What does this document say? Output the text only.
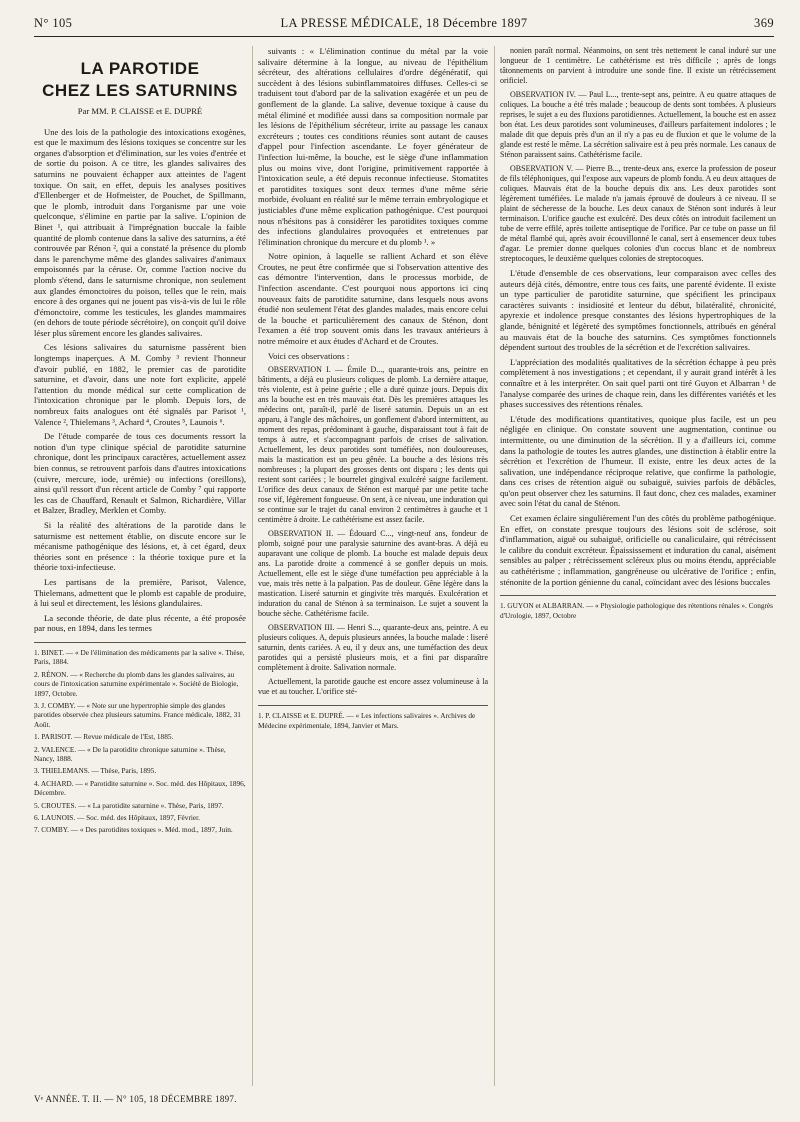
N° 105	LA PRESSE MÉDICALE, 18 Décembre 1897	369
LA PAROTIDE
CHEZ LES SATURNINS
Par MM. P. CLAISSE et E. DUPRÉ

Une des lois de la pathologie des intoxications exogènes, est que le maximum des lésions toxiques se concentre sur les organes d'absorption et d'élimination, sur les voies d'entrée et de sortie du poison. A ce titre, les glandes salivaires des saturnins ne pouvaient échapper aux atteintes de l'agent toxique. On sait, en effet, depuis les analyses positives d'Ellenberger et de Hofmeister, de Pouchet, de Spillmann, que le plomb, introduit dans l'organisme par une voie quelconque, s'élimine en partie par la salive. L'opinion de Binet ¹, qui attribuait à l'imprégnation buccale la faible quantité de plomb contenue dans la salive des saturnins, a été controuvée par Rénon ², qui a constaté la présence du plomb dans le parenchyme même des glandes salivaires d'animaux empoisonnés par la céruse. Or, comme l'action nocive du plomb s'étend, dans le saturnisme chronique, non seulement aux glandes émonctoires du poison, telles que le rein, mais encore à des organes qui ne jouent pas vis-à-vis de lui le rôle d'émonctoire, comme les testicules, les glandes mammaires (en dehors de toute période sécrétoire), on conçoit qu'il doive léser plus sûrement encore les glandes salivaires.

Ces lésions salivaires du saturnisme passèrent bien longtemps inaperçues. A M. Comby ³ revient l'honneur d'avoir publié, en 1882, le premier cas de parotidite saturnine, et d'avoir, dans une note fort explicite, appelé l'attention du monde médical sur cette complication de l'intoxication chronique par le plomb. Depuis lors, de nombreux faits analogues ont été signalés par Parisot ¹, Valence ², Thielemans ³, Achard ⁴, Croutes ⁵, Launois ⁶.

De l'étude comparée de tous ces documents ressort la notion d'un type clinique spécial de parotidite saturnine chronique, dont les principaux caractères, actuellement assez bien connus, se retrouvent parfois dans d'autres intoxications (cuivre, mercure, iode, urémie) ou infections (oreillons), ainsi qu'il ressort d'un récent article de Comby ⁷ qui rapporte les cas de Chauffard, Renault et Salmon, Richardière, Villar et Balzer, Bradley, Merklen et Comby.

Si la réalité des altérations de la parotide dans le saturnisme est nettement établie, on discute encore sur le mécanisme pathogénique des lésions, et, à cet égard, deux théories sont en présence : la théorie toxique pure et la théorie toxi-infectieuse.

Les partisans de la première, Parisot, Valence, Thielemans, admettent que le plomb est capable de produire, à lui seul et directement, les lésions glandulaires.

La seconde théorie, de date plus récente, a été proposée par nous, en 1894, dans les termes

1. BINET. — « De l'élimination des médicaments par la salive ». Thèse, Paris, 1884.
2. RÉNON. — « Recherche du plomb dans les glandes salivaires, au cours de l'intoxication saturnine expérimentale ». Société de Biologie, 1897, Octobre.
3. J. COMBY. — « Note sur une hypertrophie simple des glandes parotides observée chez plusieurs saturnins. France médicale, 1882, 31 Août.
1. PARISOT. — Revue médicale de l'Est, 1885.
2. VALENCE. — « De la parotidite chronique saturnine ». Thèse, Nancy, 1888.
3. THIELEMANS. — Thèse, Paris, 1895.
4. ACHARD. — « Parotidite saturnine ». Soc. méd. des Hôpitaux, 1896, Décembre.
5. CROUTES. — « La parotidite saturnine ». Thèse, Paris, 1897.
6. LAUNOIS. — Soc. méd. des Hôpitaux, 1897, Février.
7. COMBY. — « Des parotidites toxiques ». Méd. mod., 1897, Juin.

suivants : « L'élimination continue du métal par la voie salivaire détermine à la longue, au niveau de l'épithélium sécréteur, des altérations cellulaires d'ordre dégénératif, qui succèdent à des lésions subinflammatoires diffuses. Celles-ci se traduisent tout d'abord par de la salivation exagérée et un peu de gonflement de la glande. La salive, devenue toxique à cause du métal éliminé et modifiée aussi dans sa composition normale par les lésions de l'épithélium sécréteur, irrite au passage les canaux excréteurs ; toutes ces conditions réunies sont autant de causes d'appel pour l'infection ascendante. Le foyer générateur de l'infection lui-même, la bouche, est le siège d'une inflammation plus ou moins vive, dont l'origine, primitivement rapportée à l'intoxication seule, a été depuis reconnue infectieuse. Stomatites et parotidites toxiques sont deux termes d'une même série morbide, évoluant en réalité sur le même terrain embryologique et justiciables d'une même explication pathogénique. C'est pourquoi nous n'hésitons pas à considérer les parotidites toxiques comme des infections glandulaires provoquées et entretenues par l'élimination chronique du mercure et du plomb ¹. »

Notre opinion, à laquelle se rallient Achard et son élève Croutes, ne peut être confirmée que si l'observation attentive des cas démontre l'intervention, dans le processus morbide, de l'infection ascendante. C'est pourquoi nous apportons ici cinq nouveaux faits de parotidite saturnine, dans lesquels nous avons étudié non seulement l'état des glandes malades, mais encore celui de la bouche et particulièrement des canaux de Sténon, dont l'examen a été trop souvent omis dans les travaux antérieurs à notre mémoire et aux études d'Achard et de Croutes.

Voici ces observations :

OBSERVATION I. — Émile D..., quarante-trois ans, peintre en bâtiments, a déjà eu plusieurs coliques de plomb. La dernière attaque, très violente, est à peine guérie ; elle a duré quinze jours. Depuis dix ans la bouche est en très mauvais état. Dès les premières attaques les médecins ont, paraît-il, parlé de liseré saturnin. Depuis un an est apparu, à l'angle des mâchoires, un gonflement d'abord intermittent, au moment des repas, prédominant à gauche, disparaissant tout à fait de temps à autre, et s'accompagnant parfois de crises de salivation. Actuellement, les deux parotides sont tuméfiées, non douloureuses, mais la mastication est un peu gênée. La bouche a des lésions très nombreuses ; la plupart des grosses dents ont disparu ; les dents qui restent sont cariées ; le bourrelet gingival exulcéré saigne facilement. L'orifice des deux canaux de Sténon est marqué par une petite tache rose vif, légèrement fongueuse. On sent, à ce niveau, une induration qui se continue sur le trajet du canal environ 2 centimètres à gauche et 1 centimètre à droite. Le cathétérisme est assez facile.

OBSERVATION II. — Édouard C..., vingt-neuf ans, fondeur de plomb, soigné pour une paralysie saturnine des avant-bras. A déjà eu auparavant une colique de plomb. La bouche est malade depuis deux ans. La parotide droite a commencé à se gonfler depuis un mois. Actuellement, elle est le siège d'une tuméfaction peu appréciable à la vue, mais très nette à la palpation. Pas de douleur. Gêne légère dans la mastication. Liseré saturnin et gingivite très marqués. Exulcération et induration du canal de Sténon à sa terminaison. Le sujet a souvent la bouche sèche. Cathétérisme facile.

OBSERVATION III. — Henri S..., quarante-deux ans, peintre. A eu plusieurs coliques. A, depuis plusieurs années, la bouche malade : liseré saturnin, dents cariées. A eu, il y deux ans, une tuméfaction des deux parotides qui a persisté plusieurs mois, et a fini par disparaître complètement à droite. Salivation normale.

Actuellement, la parotide gauche est encore assez volumineuse à la vue et au toucher. L'orifice sté-

1. P. CLAISSE et E. DUPRÉ. — « Les infections salivaires ». Archives de Médecine expérimentale, 1894, Janvier et Mars.

nonien paraît normal. Néanmoins, on sent très nettement le canal induré sur une longueur de 1 centimètre. Le cathétérisme est très difficile ; après de longs tâtonnements on parvient à introduire une sonde fine. Il existe un rétrécissement orificiel.

OBSERVATION IV. — Paul L..., trente-sept ans, peintre. A eu quatre attaques de coliques. La bouche a été très malade ; beaucoup de dents sont tombées. A plusieurs reprises, le sujet a eu des fluxions parotidiennes. Actuellement, la bouche est en assez bon état. Les deux parotides sont volumineuses, d'ailleurs parfaitement indolores ; le malade dit que depuis près d'un an il n'y a pas eu de fluxion et que le volume de la glande est resté le même. La sécrétion salivaire est à peu près normale. Les canaux de Sténon paraissent sains. Cathétérisme facile.

OBSERVATION V. — Pierre B..., trente-deux ans, exerce la profession de poseur de fils téléphoniques, qui l'expose aux vapeurs de plomb fondu. A eu deux attaques de coliques. Mauvais état de la bouche depuis dix ans. Les deux parotides sont légèrement tuméfiées. Le malade n'a jamais éprouvé de douleurs à ce niveau. Il se plaint de sécheresse de la bouche. Les deux canaux de Sténon sont indurés à leur terminaison. L'orifice gauche est exulcéré. Des deux côtés on introduit facilement un tube de verre effilé, après toilette antiseptique de l'orifice. Par ce tube on passe un fil de métal flambé qui, après avoir écouvillonné le canal, sert à ensemencer deux tubes d'agar. Le premier donne quelques colonies d'un coccus blanc et de nombreux streptocoques, le deuxième quelques colonies de streptocoques.

L'étude d'ensemble de ces observations, leur comparaison avec celles des auteurs déjà cités, démontre, entre tous ces faits, une parenté évidente. Il existe un type particulier de parotidite saturnine, que spécifient les principaux caractères suivants : insidiosité et lenteur du début, bilatéralité, chronicité, apyrexie et indolence presque constantes des lésions hypertrophiques de la glande, bénignité et légèreté des symptômes fonctionnels, attribués en général au mauvais état de la bouche des saturnins. Ces symptômes fonctionnels dépendent surtout des troubles de la sécrétion et de l'excrétion salivaires.

L'appréciation des modalités qualitatives de la sécrétion échappe à peu près complètement à nos investigations ; et cependant, il y aurait grand intérêt à les connaître et à les interpréter. On sait quel parti ont tiré Guyon et Albarran ¹ de l'analyse comparée des urines de chaque rein, dans les différentes variétés et les phases successives des rétentions rénales.

L'étude des modifications quantitatives, quoique plus facile, est un peu négligée en clinique. On constate souvent une augmentation, continue ou intermittente, ou une diminution de la sécrétion. Il y a d'ailleurs ici, comme dans la pathologie de toutes les autres glandes, une distinction à établir entre la sécrétion et l'excrétion de l'humeur. Il existe, entre les deux actes de la salivation, une indépendance réciproque relative, que confirme la pathologie, dans ces crises de rétention aiguë ou subaiguë, suivies parfois de débâcles, qu'on peut observer chez les saturnins. Il faut donc, chez ces malades, examiner avec soin l'état du canal de Sténon.

Cet examen éclaire singulièrement l'un des côtés du problème pathogénique. En effet, on constate presque toujours des lésions soit de sclérose, soit d'inflammation, aiguë ou subaiguë, orificielle ou canaliculaire, qui rétrécissent le calibre du conduit excréteur. Épaississement et induration du canal, aisément sensibles au palper ; rétrécissement scléreux plus ou moins étendu, appréciable au cathétérisme ; inflammation, gangréneuse ou ulcérative de l'orifice ; enfin, sténonite de la portion génienne du canal, coïncidant avec des lésions buccales

1. GUYON et ALBARRAN. — « Physiologie pathologique des rétentions rénales ». Congrès d'Urologie, 1897, Octobre
Vᵉ ANNÉE. T. II. — N° 105, 18 DÉCEMBRE 1897.
